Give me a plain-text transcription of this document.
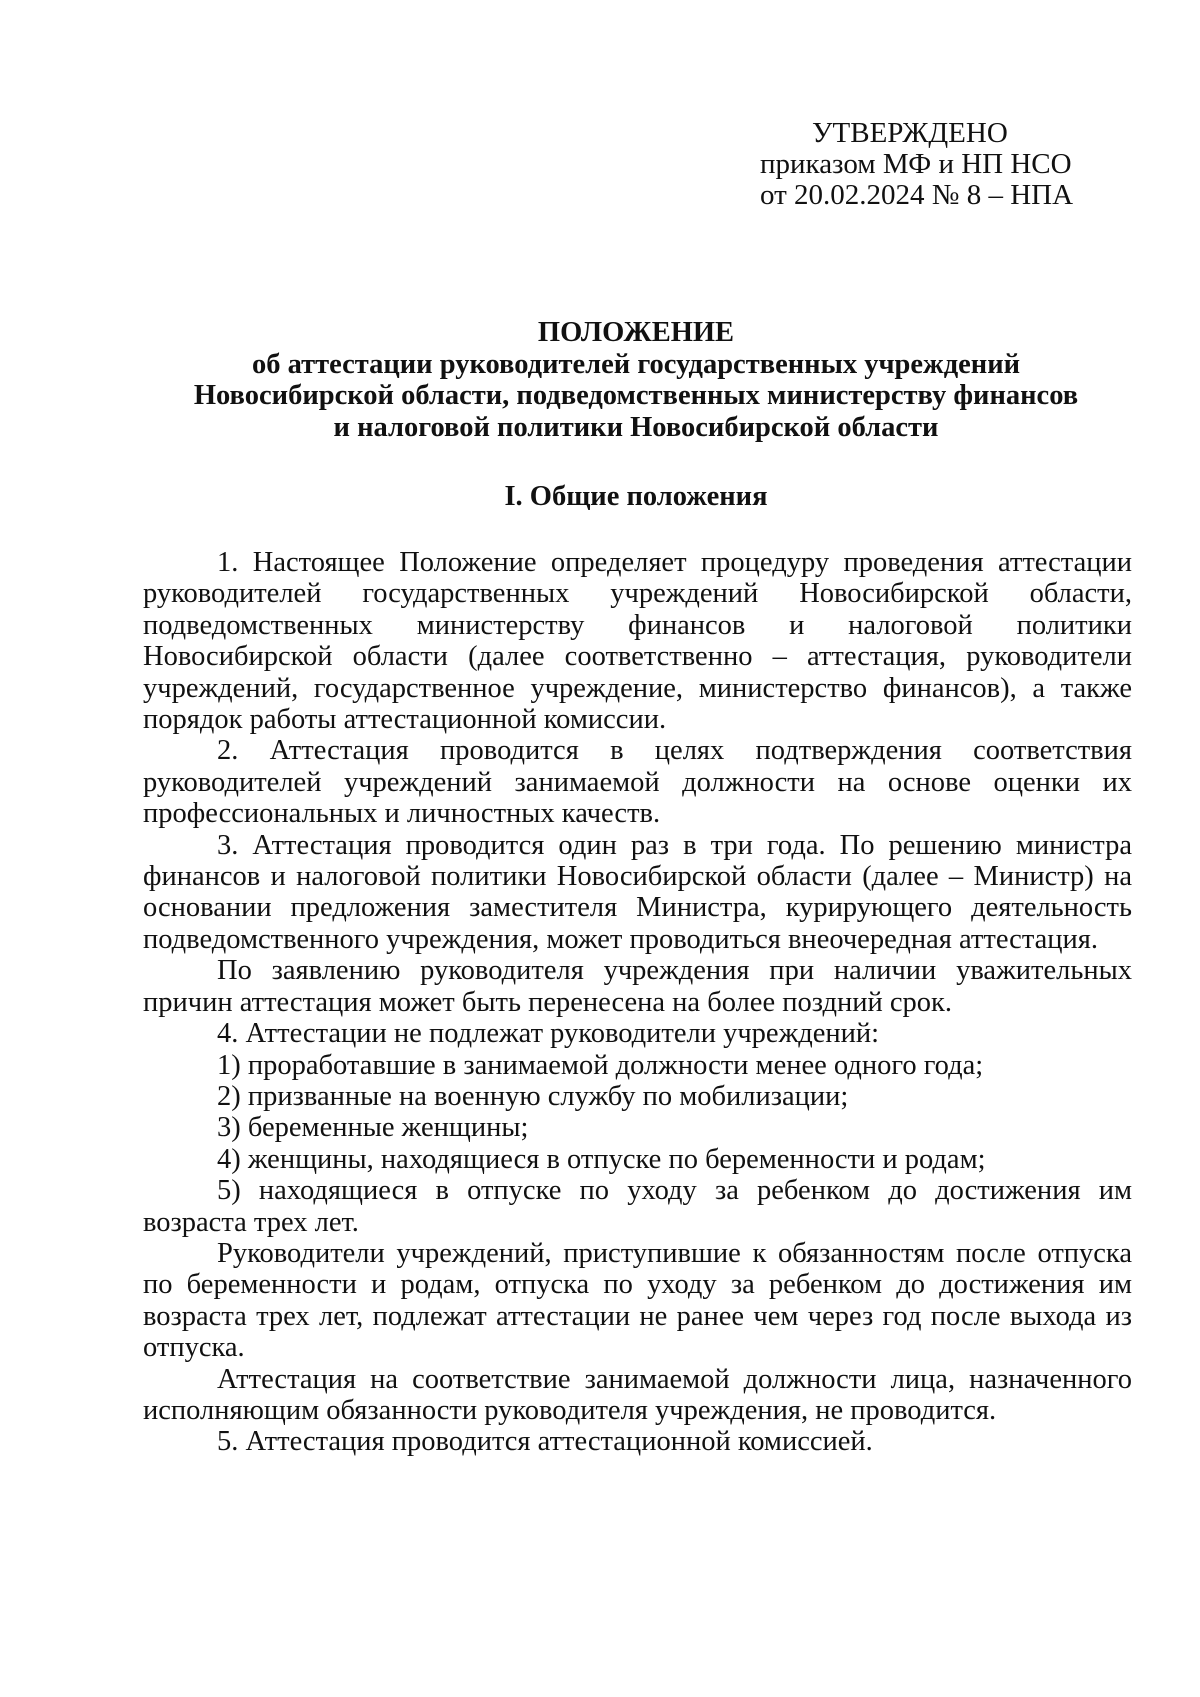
УТВЕРЖДЕНО
приказом МФ и НП НСО
от 20.02.2024 № 8 – НПА
ПОЛОЖЕНИЕ
об аттестации руководителей государственных учреждений
Новосибирской области, подведомственных министерству финансов
и налоговой политики Новосибирской области
I. Общие положения

1. Настоящее Положение определяет процедуру проведения аттестации руководителей государственных учреждений Новосибирской области, подведомственных министерству финансов и налоговой политики Новосибирской области (далее соответственно – аттестация, руководители учреждений, государственное учреждение, министерство финансов), а также порядок работы аттестационной комиссии.

2. Аттестация проводится в целях подтверждения соответствия руководителей учреждений занимаемой должности на основе оценки их профессиональных и личностных качеств.

3. Аттестация проводится один раз в три года. По решению министра финансов и налоговой политики Новосибирской области (далее – Министр) на основании предложения заместителя Министра, курирующего деятельность подведомственного учреждения, может проводиться внеочередная аттестация.

По заявлению руководителя учреждения при наличии уважительных причин аттестация может быть перенесена на более поздний срок.

4. Аттестации не подлежат руководители учреждений:

1) проработавшие в занимаемой должности менее одного года;

2) призванные на военную службу по мобилизации;

3) беременные женщины;

4) женщины, находящиеся в отпуске по беременности и родам;

5) находящиеся в отпуске по уходу за ребенком до достижения им возраста трех лет.

Руководители учреждений, приступившие к обязанностям после отпуска по беременности и родам, отпуска по уходу за ребенком до достижения им возраста трех лет, подлежат аттестации не ранее чем через год после выхода из отпуска.

Аттестация на соответствие занимаемой должности лица, назначенного исполняющим обязанности руководителя учреждения, не проводится.

5. Аттестация проводится аттестационной комиссией.
